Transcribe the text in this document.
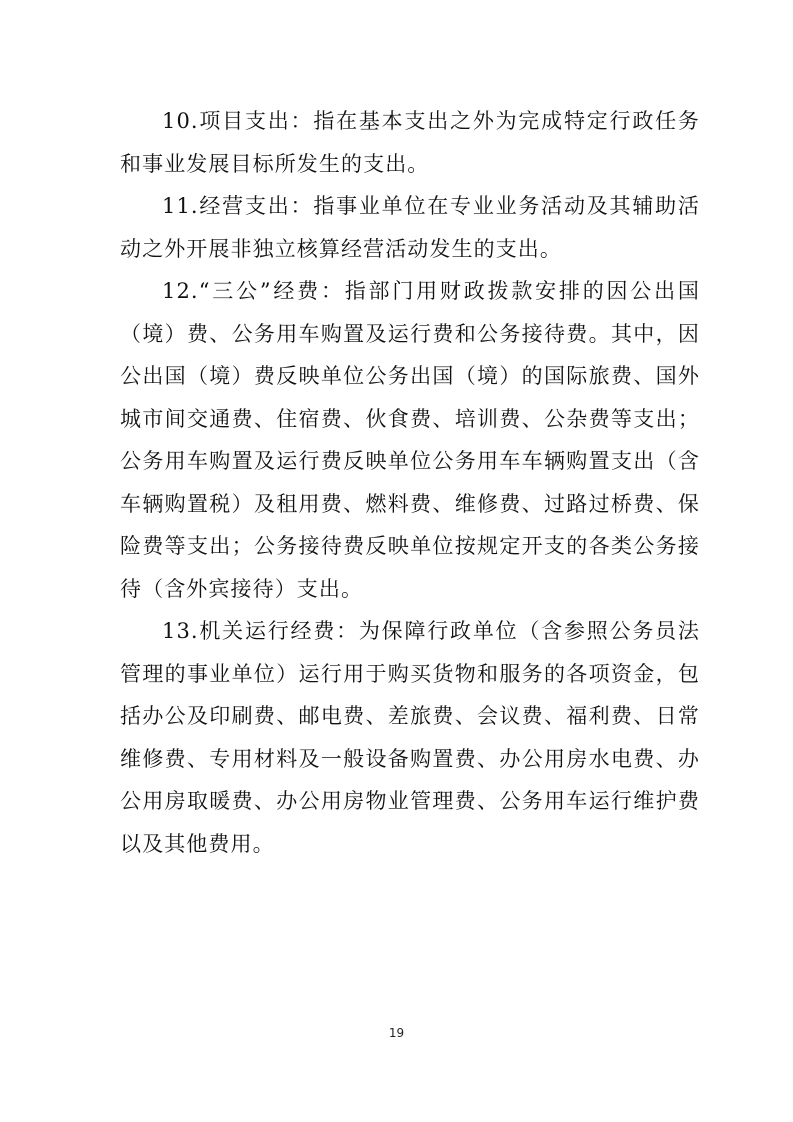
10.项目支出：指在基本支出之外为完成特定行政任务和事业发展目标所发生的支出。

11.经营支出：指事业单位在专业业务活动及其辅助活动之外开展非独立核算经营活动发生的支出。

12.“三公”经费：指部门用财政拨款安排的因公出国（境）费、公务用车购置及运行费和公务接待费。其中，因公出国（境）费反映单位公务出国（境）的国际旅费、国外城市间交通费、住宿费、伙食费、培训费、公杂费等支出；公务用车购置及运行费反映单位公务用车车辆购置支出（含车辆购置税）及租用费、燃料费、维修费、过路过桥费、保险费等支出；公务接待费反映单位按规定开支的各类公务接待（含外宾接待）支出。

13.机关运行经费：为保障行政单位（含参照公务员法管理的事业单位）运行用于购买货物和服务的各项资金，包括办公及印刷费、邮电费、差旅费、会议费、福利费、日常维修费、专用材料及一般设备购置费、办公用房水电费、办公用房取暖费、办公用房物业管理费、公务用车运行维护费以及其他费用。

19
